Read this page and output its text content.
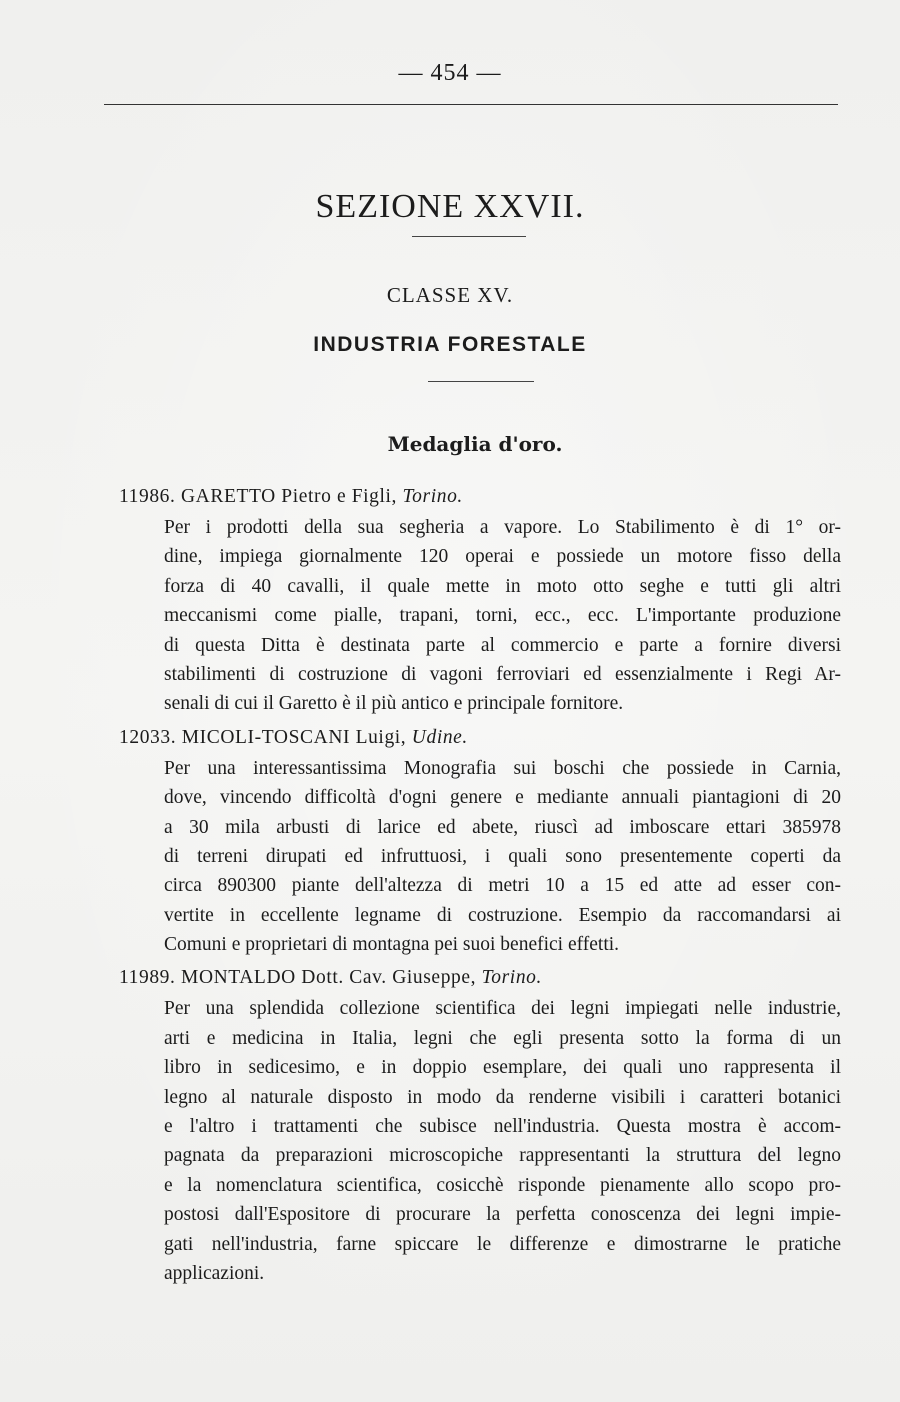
— 454 —
SEZIONE XXVII.
CLASSE XV.
INDUSTRIA FORESTALE
Medaglia d'oro.
11986. GARETTO Pietro e Figli, Torino.
Per i prodotti della sua segheria a vapore. Lo Stabilimento è di 1° or-
dine, impiega giornalmente 120 operai e possiede un motore fisso della
forza di 40 cavalli, il quale mette in moto otto seghe e tutti gli altri
meccanismi come pialle, trapani, torni, ecc., ecc. L'importante produzione
di questa Ditta è destinata parte al commercio e parte a fornire diversi
stabilimenti di costruzione di vagoni ferroviari ed essenzialmente i Regi Ar-
senali di cui il Garetto è il più antico e principale fornitore.
12033. MICOLI-TOSCANI Luigi, Udine.
Per una interessantissima Monografia sui boschi che possiede in Carnia,
dove, vincendo difficoltà d'ogni genere e mediante annuali piantagioni di 20
a 30 mila arbusti di larice ed abete, riuscì ad imboscare ettari 385978
di terreni dirupati ed infruttuosi, i quali sono presentemente coperti da
circa 890300 piante dell'altezza di metri 10 a 15 ed atte ad esser con-
vertite in eccellente legname di costruzione. Esempio da raccomandarsi ai
Comuni e proprietari di montagna pei suoi benefici effetti.
11989. MONTALDO Dott. Cav. Giuseppe, Torino.
Per una splendida collezione scientifica dei legni impiegati nelle industrie,
arti e medicina in Italia, legni che egli presenta sotto la forma di un
libro in sedicesimo, e in doppio esemplare, dei quali uno rappresenta il
legno al naturale disposto in modo da renderne visibili i caratteri botanici
e l'altro i trattamenti che subisce nell'industria. Questa mostra è accom-
pagnata da preparazioni microscopiche rappresentanti la struttura del legno
e la nomenclatura scientifica, cosicchè risponde pienamente allo scopo pro-
postosi dall'Espositore di procurare la perfetta conoscenza dei legni impie-
gati nell'industria, farne spiccare le differenze e dimostrarne le pratiche
applicazioni.
